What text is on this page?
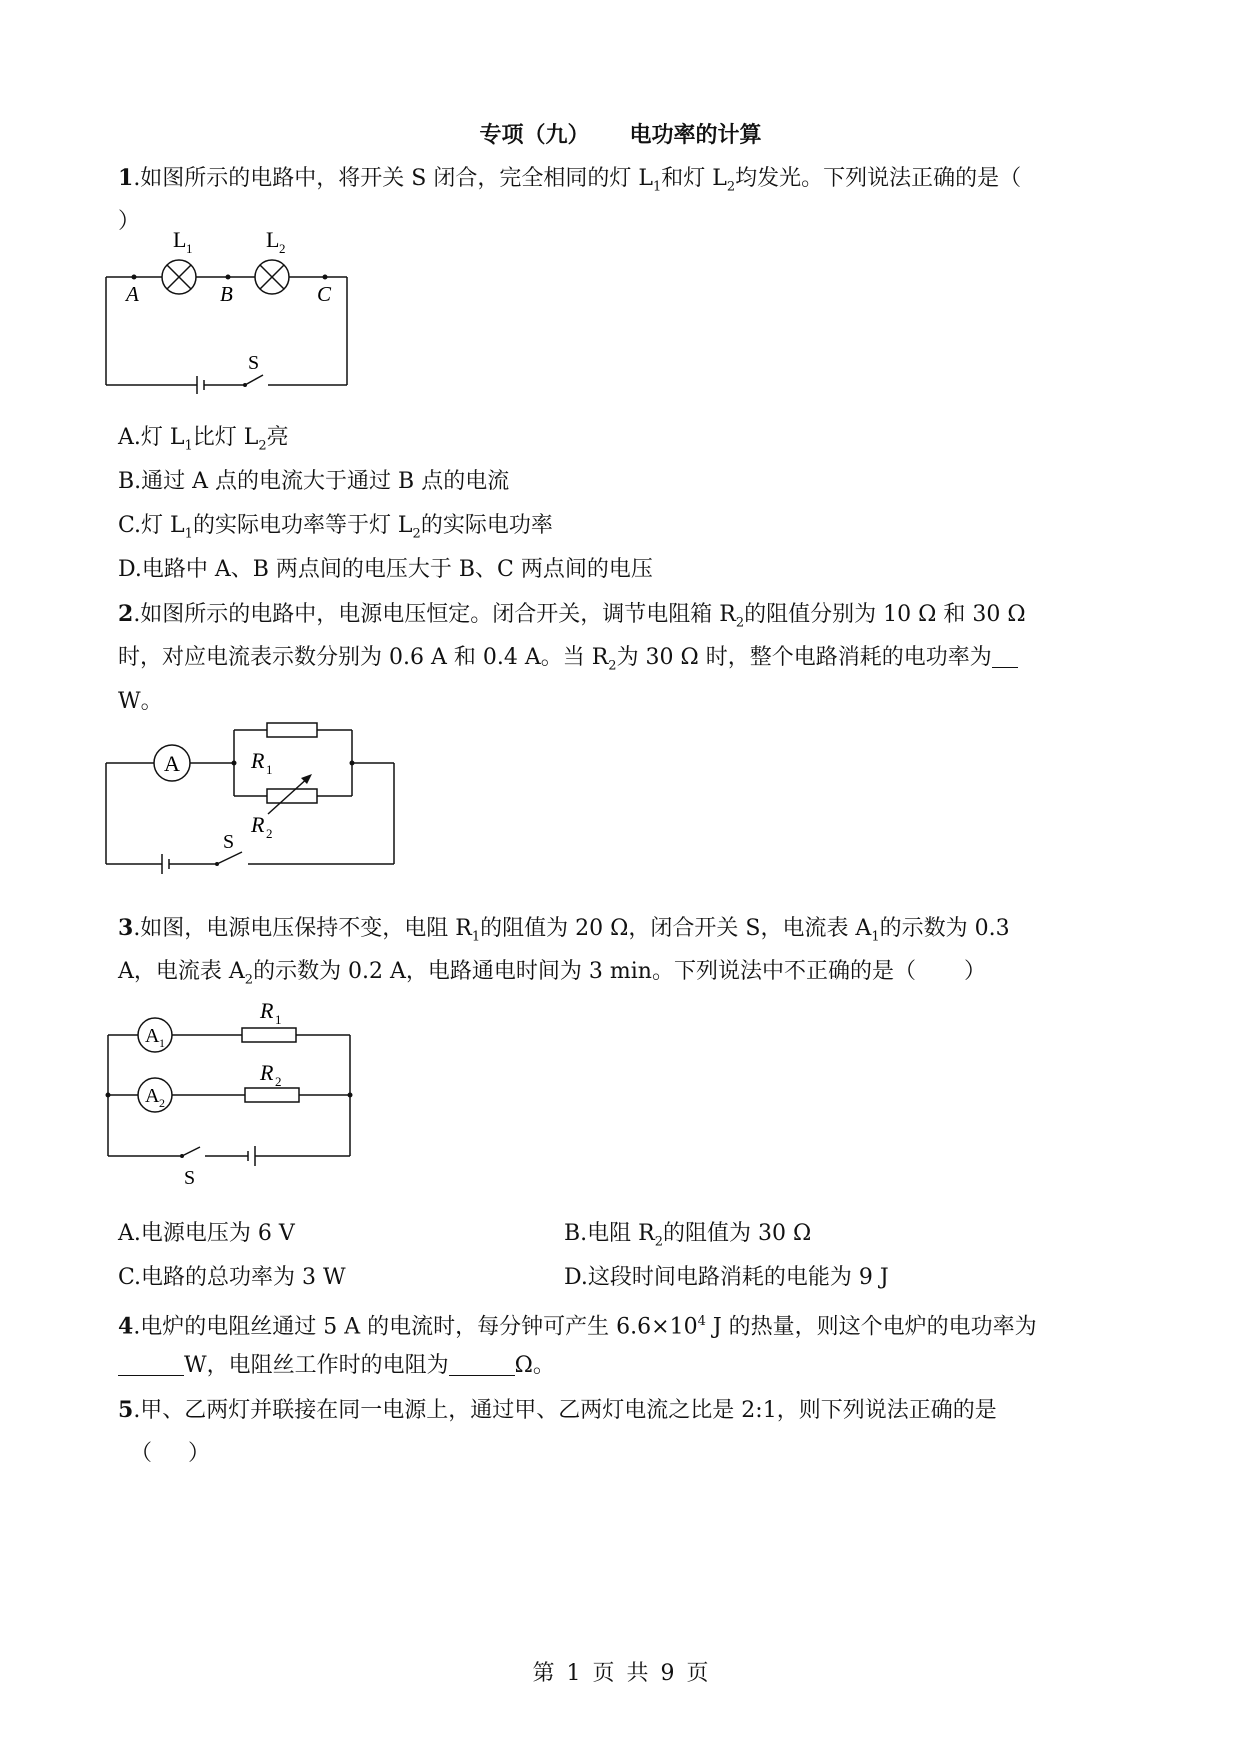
专项（九） 电功率的计算
1.如图所示的电路中，将开关 S 闭合，完全相同的灯 $L_1$和灯 $L_2$均发光。下列说法正确的是（
）
L 1	L 2
A	B	C
S
A.灯 $L_1$比灯 $L_2$亮
B.通过 A 点的电流大于通过 B 点的电流
C.灯 $L_1$的实际电功率等于灯 $L_2$的实际电功率
D.电路中 A、B 两点间的电压大于 B、C 两点间的电压
2.如图所示的电路中，电源电压恒定。闭合开关，调节电阻箱 $R_2$的阻值分别为 10 Ω 和 30 Ω
时，对应电流表示数分别为 0.6 A 和 0.4 A。当 $R_2$为 30 Ω 时，整个电路消耗的电功率为
W。
A	R 1
R 2
S
3.如图，电源电压保持不变，电阻 $R_1$的阻值为 20 Ω，闭合开关 S，电流表 $A_1$的示数为 0.3
A，电流表 $A_2$的示数为 0.2 A，电路通电时间为 3 min。下列说法中不正确的是（ ）
A 1
A 2
R 1
R 2
S
A.电源电压为 6 V	B.电阻 $R_2$的阻值为 30 Ω
C.电路的总功率为 3 W	D.这段时间电路消耗的电能为 9 J
4.电炉的电阻丝通过 5 A 的电流时，每分钟可产生 $6.6\times 10^4$ J 的热量，则这个电炉的电功率为
W，电阻丝工作时的电阻为	Ω。
5.甲、乙两灯并联接在同一电源上，通过甲、乙两灯电流之比是 2:1，则下列说法正确的是
（ ）
第 1 页 共 9 页
